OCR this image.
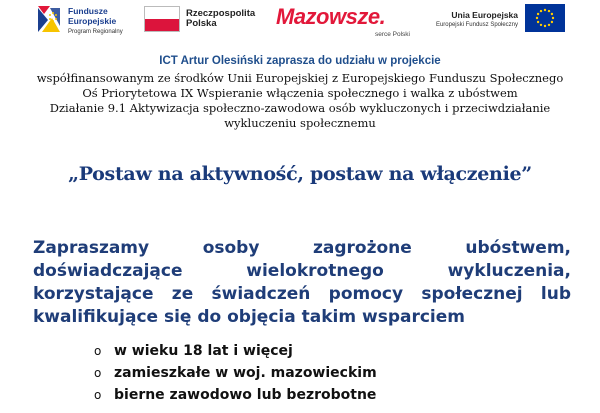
Fundusze
Europejskie
Program Regionalny
Rzeczpospolita
Polska	Mazowsze.
serce Polski
Unia Europejska
Europejski Fundusz Społeczny
ICT Artur Olesiński zaprasza do udziału w projekcie
współfinansowanym ze środków Unii Europejskiej z Europejskiego Funduszu Społecznego
Oś Priorytetowa IX Wspieranie włączenia społecznego i walka z ubóstwem
Działanie 9.1 Aktywizacja społeczno-zawodowa osób wykluczonych i przeciwdziałanie
wykluczeniu społecznemu
„Postaw na aktywność, postaw na włączenie”
Zapraszamy osoby zagrożone ubóstwem, doświadczające wielokrotnego wykluczenia, korzystające ze świadczeń pomocy społecznej lub kwalifikujące się do objęcia takim wsparciem
o w wieku 18 lat i więcej
o zamieszkałe w woj. mazowieckim
o bierne zawodowo lub bezrobotne
